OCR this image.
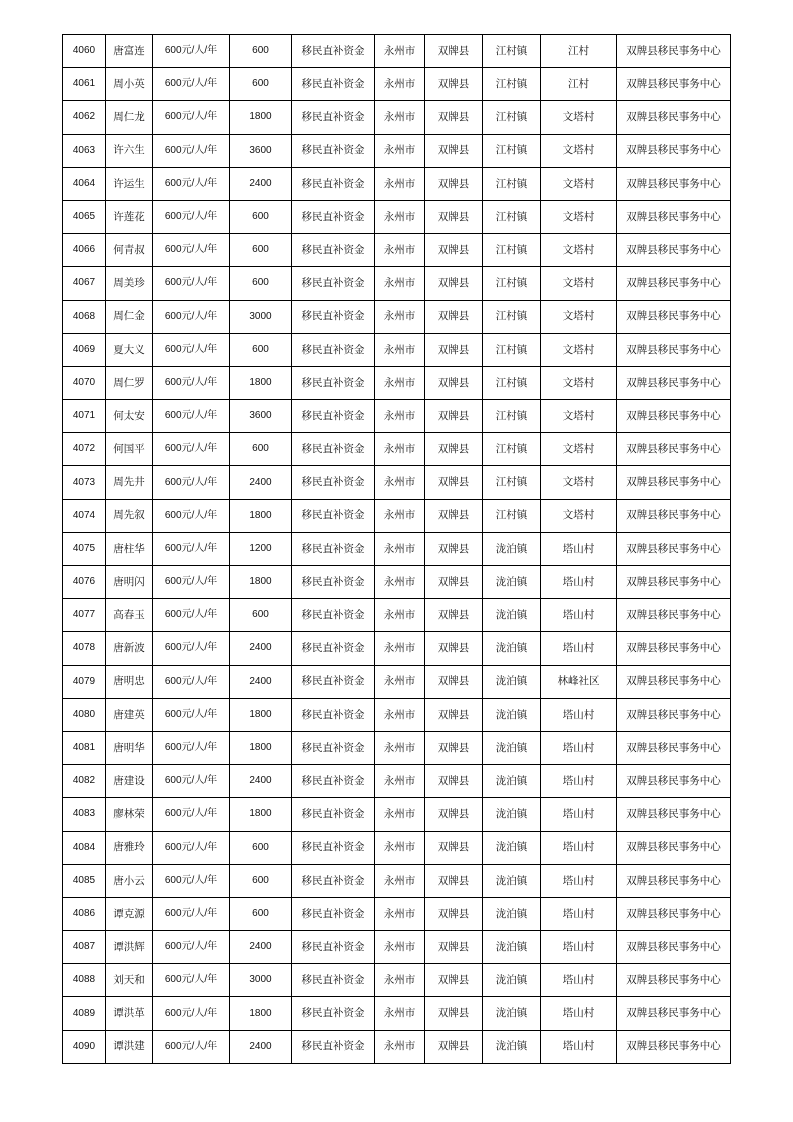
4060	唐富连	600元/人/年	600	移民直补资金	永州市	双牌县	江村镇	江村	双牌县移民事务中心
4061	周小英	600元/人/年	600	移民直补资金	永州市	双牌县	江村镇	江村	双牌县移民事务中心
4062	周仁龙	600元/人/年	1800	移民直补资金	永州市	双牌县	江村镇	文塔村	双牌县移民事务中心
4063	许六生	600元/人/年	3600	移民直补资金	永州市	双牌县	江村镇	文塔村	双牌县移民事务中心
4064	许运生	600元/人/年	2400	移民直补资金	永州市	双牌县	江村镇	文塔村	双牌县移民事务中心
4065	许莲花	600元/人/年	600	移民直补资金	永州市	双牌县	江村镇	文塔村	双牌县移民事务中心
4066	何青叔	600元/人/年	600	移民直补资金	永州市	双牌县	江村镇	文塔村	双牌县移民事务中心
4067	周美珍	600元/人/年	600	移民直补资金	永州市	双牌县	江村镇	文塔村	双牌县移民事务中心
4068	周仁金	600元/人/年	3000	移民直补资金	永州市	双牌县	江村镇	文塔村	双牌县移民事务中心
4069	夏大义	600元/人/年	600	移民直补资金	永州市	双牌县	江村镇	文塔村	双牌县移民事务中心
4070	周仁罗	600元/人/年	1800	移民直补资金	永州市	双牌县	江村镇	文塔村	双牌县移民事务中心
4071	何太安	600元/人/年	3600	移民直补资金	永州市	双牌县	江村镇	文塔村	双牌县移民事务中心
4072	何国平	600元/人/年	600	移民直补资金	永州市	双牌县	江村镇	文塔村	双牌县移民事务中心
4073	周先井	600元/人/年	2400	移民直补资金	永州市	双牌县	江村镇	文塔村	双牌县移民事务中心
4074	周先叙	600元/人/年	1800	移民直补资金	永州市	双牌县	江村镇	文塔村	双牌县移民事务中心
4075	唐柱华	600元/人/年	1200	移民直补资金	永州市	双牌县	泷泊镇	塔山村	双牌县移民事务中心
4076	唐明闪	600元/人/年	1800	移民直补资金	永州市	双牌县	泷泊镇	塔山村	双牌县移民事务中心
4077	高春玉	600元/人/年	600	移民直补资金	永州市	双牌县	泷泊镇	塔山村	双牌县移民事务中心
4078	唐新波	600元/人/年	2400	移民直补资金	永州市	双牌县	泷泊镇	塔山村	双牌县移民事务中心
4079	唐明忠	600元/人/年	2400	移民直补资金	永州市	双牌县	泷泊镇	林峰社区	双牌县移民事务中心
4080	唐建英	600元/人/年	1800	移民直补资金	永州市	双牌县	泷泊镇	塔山村	双牌县移民事务中心
4081	唐明华	600元/人/年	1800	移民直补资金	永州市	双牌县	泷泊镇	塔山村	双牌县移民事务中心
4082	唐建设	600元/人/年	2400	移民直补资金	永州市	双牌县	泷泊镇	塔山村	双牌县移民事务中心
4083	廖林荣	600元/人/年	1800	移民直补资金	永州市	双牌县	泷泊镇	塔山村	双牌县移民事务中心
4084	唐雅玲	600元/人/年	600	移民直补资金	永州市	双牌县	泷泊镇	塔山村	双牌县移民事务中心
4085	唐小云	600元/人/年	600	移民直补资金	永州市	双牌县	泷泊镇	塔山村	双牌县移民事务中心
4086	谭克源	600元/人/年	600	移民直补资金	永州市	双牌县	泷泊镇	塔山村	双牌县移民事务中心
4087	谭洪辉	600元/人/年	2400	移民直补资金	永州市	双牌县	泷泊镇	塔山村	双牌县移民事务中心
4088	刘天和	600元/人/年	3000	移民直补资金	永州市	双牌县	泷泊镇	塔山村	双牌县移民事务中心
4089	谭洪革	600元/人/年	1800	移民直补资金	永州市	双牌县	泷泊镇	塔山村	双牌县移民事务中心
4090	谭洪建	600元/人/年	2400	移民直补资金	永州市	双牌县	泷泊镇	塔山村	双牌县移民事务中心
